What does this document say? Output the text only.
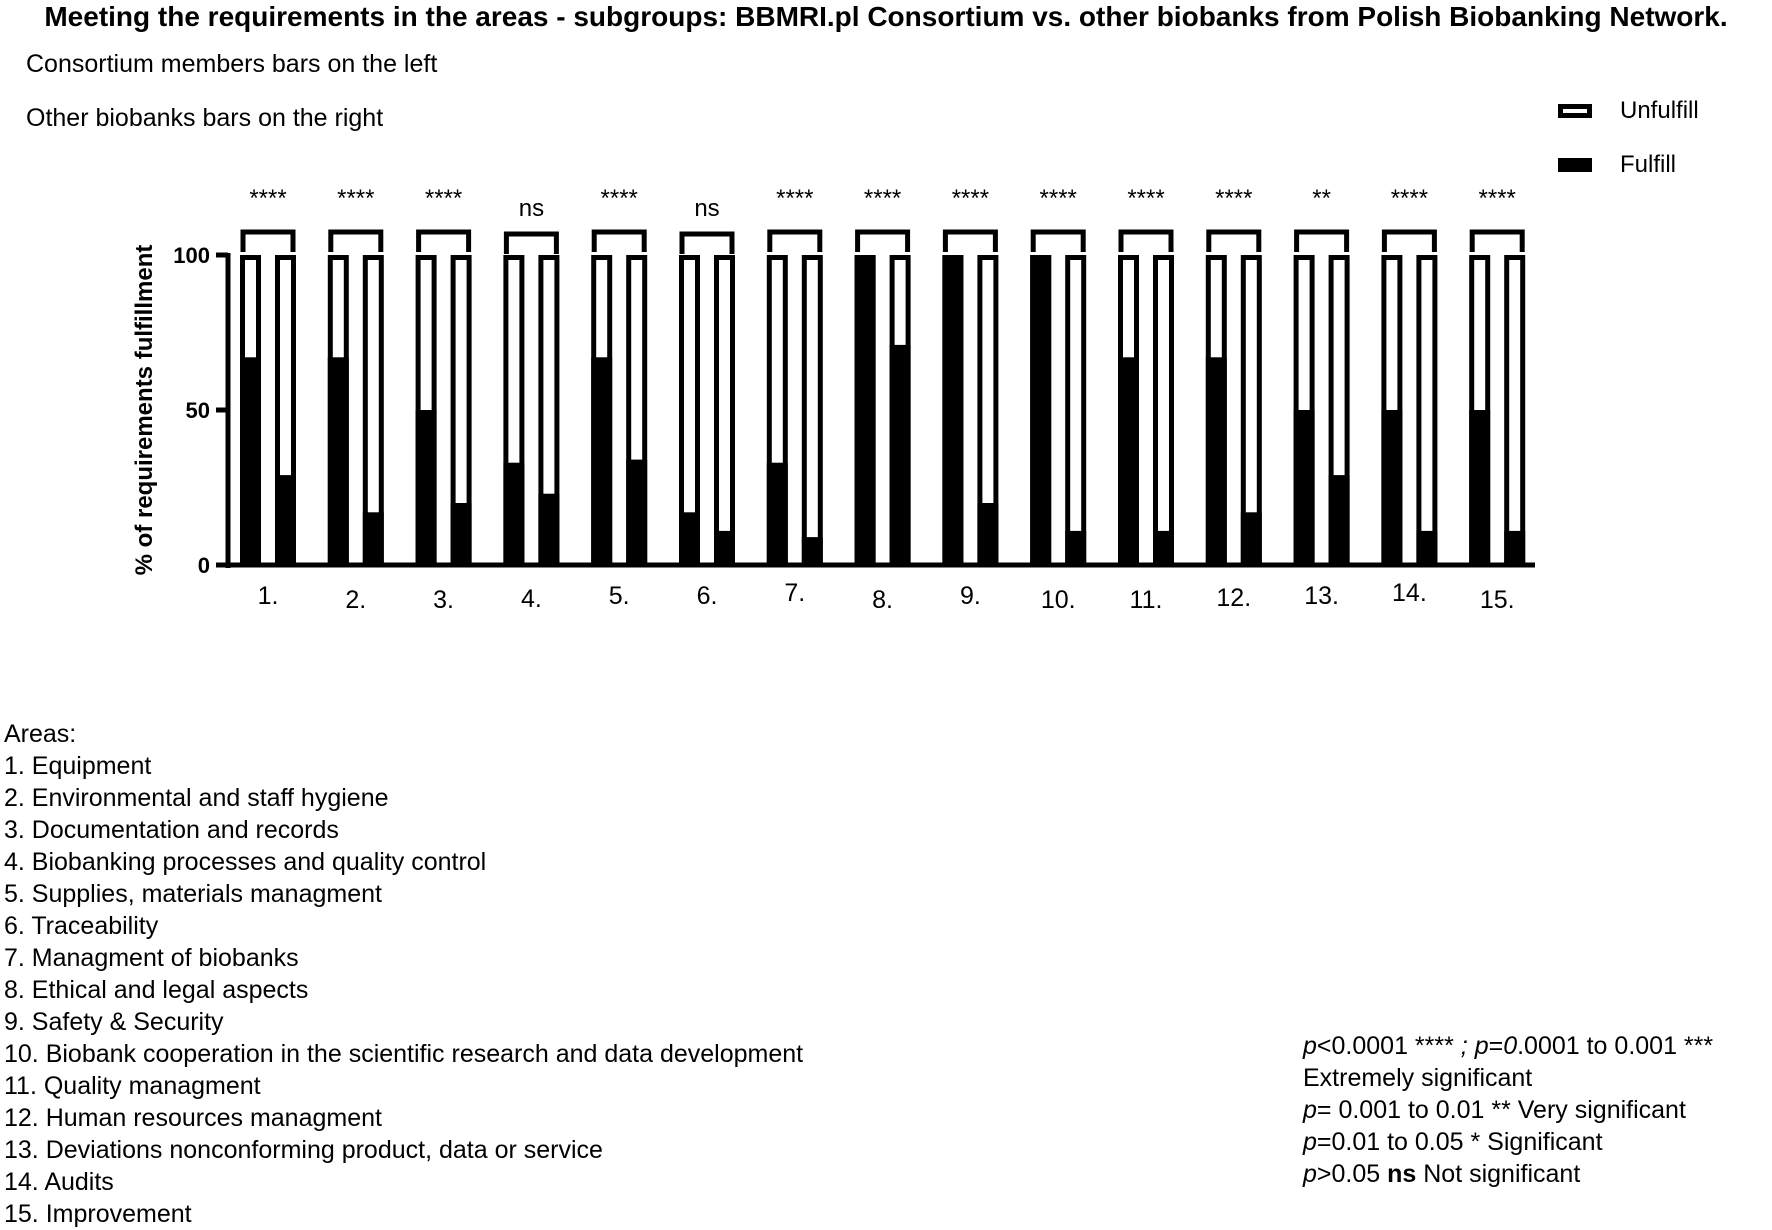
Meeting the requirements in the areas - subgroups: BBMRI.pl Consortium vs. other biobanks from Polish Biobanking Network.
Consortium members bars on the left
Other biobanks bars on the right	Unfulfill
Fulfill
0
50
100
% of requirements fulfillment
****
1.
****
2.
****
3.
ns
4.
****
5.
ns
6.
****
7.
****
8.
****
9.
****
10.
****
11.
****
12.
**
13.
****
14.
****
15.
Areas:
1. Equipment
2. Environmental and staff hygiene
3. Documentation and records
4. Biobanking processes and quality control
5. Supplies, materials managment
6. Traceability
7. Managment of biobanks
8. Ethical and legal aspects
9. Safety & Security
10. Biobank cooperation in the scientific research and data development
11. Quality managment
12. Human resources managment
13. Deviations nonconforming product, data or service
14. Audits
15. Improvement
p<0.0001 **** ; p=0.0001 to 0.001 ***
Extremely significant
p= 0.001 to 0.01 ** Very significant
p=0.01 to 0.05 * Significant
p>0.05 ns Not significant
